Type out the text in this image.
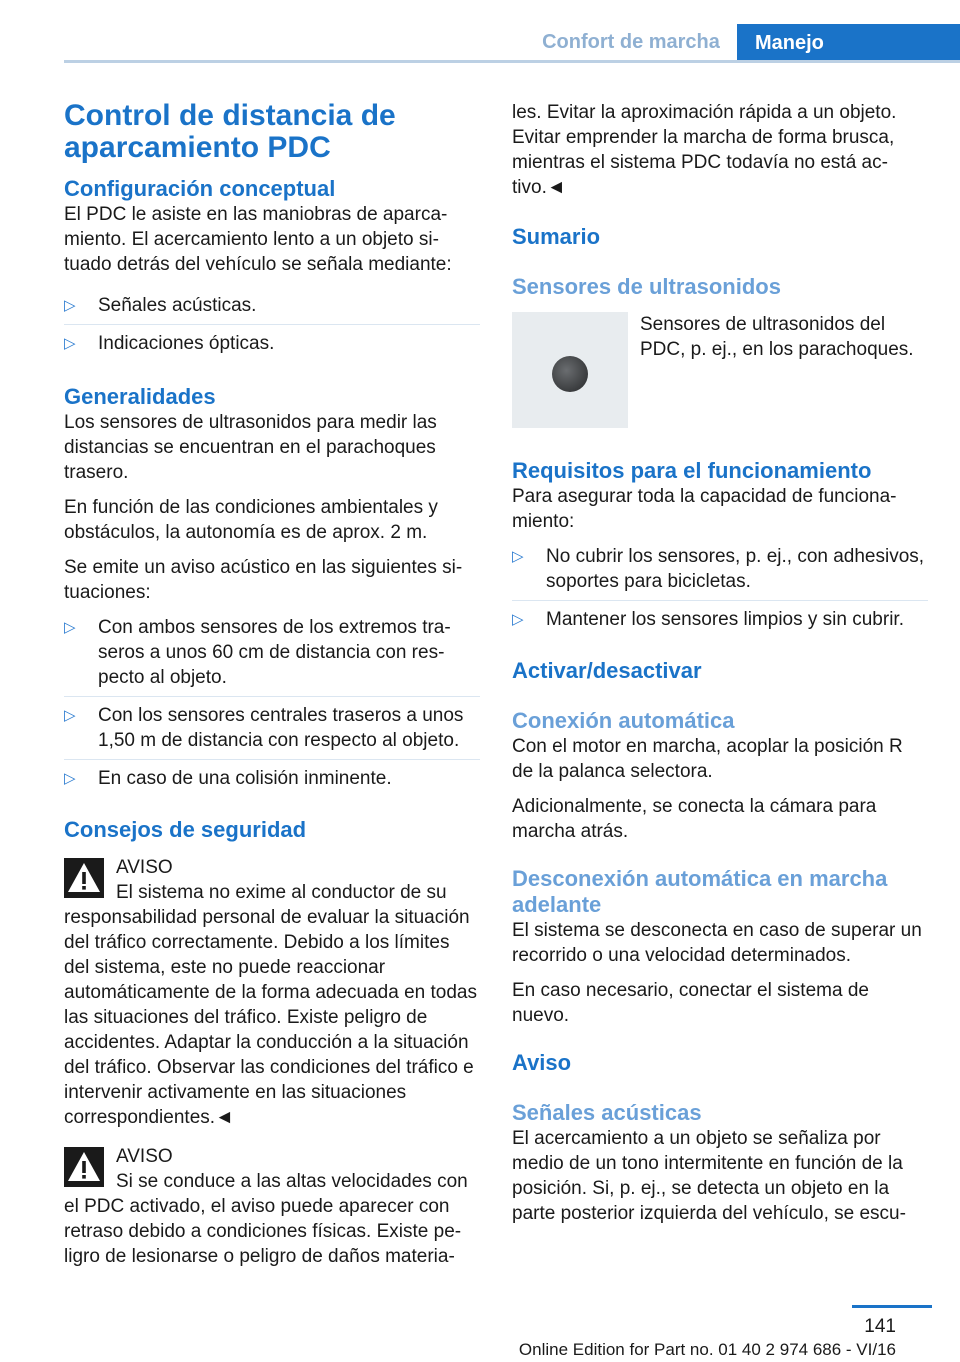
Confort de marcha	Manejo
Control de distancia de aparcamiento PDC
Configuración conceptual

El PDC le asiste en las maniobras de aparcamiento. El acercamiento lento a un objeto situado detrás del vehículo se señala mediante:

▷ Señales acústicas.
▷ Indicaciones ópticas.
Generalidades

Los sensores de ultrasonidos para medir las distancias se encuentran en el parachoques trasero.

En función de las condiciones ambientales y obstáculos, la autonomía es de aprox. 2 m.

Se emite un aviso acústico en las siguientes situaciones:

▷ Con ambos sensores de los extremos traseros a unos 60 cm de distancia con respecto al objeto.
▷ Con los sensores centrales traseros a unos 1,50 m de distancia con respecto al objeto.
▷ En caso de una colisión inminente.
Consejos de seguridad

AVISO

El sistema no exime al conductor de su responsabilidad personal de evaluar la situación del tráfico correctamente. Debido a los límites del sistema, este no puede reaccionar automáticamente de la forma adecuada en todas las situaciones del tráfico. Existe peligro de accidentes. Adaptar la conducción a la situación del tráfico. Observar las condiciones del tráfico e intervenir activamente en las situaciones correspondientes.◄

AVISO

Si se conduce a las altas velocidades con el PDC activado, el aviso puede aparecer con retraso debido a condiciones físicas. Existe peligro de lesionarse o peligro de daños materia-

les. Evitar la aproximación rápida a un objeto. Evitar emprender la marcha de forma brusca, mientras el sistema PDC todavía no está activo.◄

Sumario
Sensores de ultrasonidos

Sensores de ultrasonidos del PDC, p. ej., en los parachoques.

Requisitos para el funcionamiento

Para asegurar toda la capacidad de funcionamiento:

▷ No cubrir los sensores, p. ej., con adhesivos, soportes para bicicletas.
▷ Mantener los sensores limpios y sin cubrir.
Activar/desactivar
Conexión automática

Con el motor en marcha, acoplar la posición R de la palanca selectora.

Adicionalmente, se conecta la cámara para marcha atrás.

Desconexión automática en marcha adelante

El sistema se desconecta en caso de superar un recorrido o una velocidad determinados.

En caso necesario, conectar el sistema de nuevo.

Aviso
Señales acústicas

El acercamiento a un objeto se señaliza por medio de un tono intermitente en función de la posición. Si, p. ej., se detecta un objeto en la parte posterior izquierda del vehículo, se escu-

141
Online Edition for Part no. 01 40 2 974 686 - VI/16
